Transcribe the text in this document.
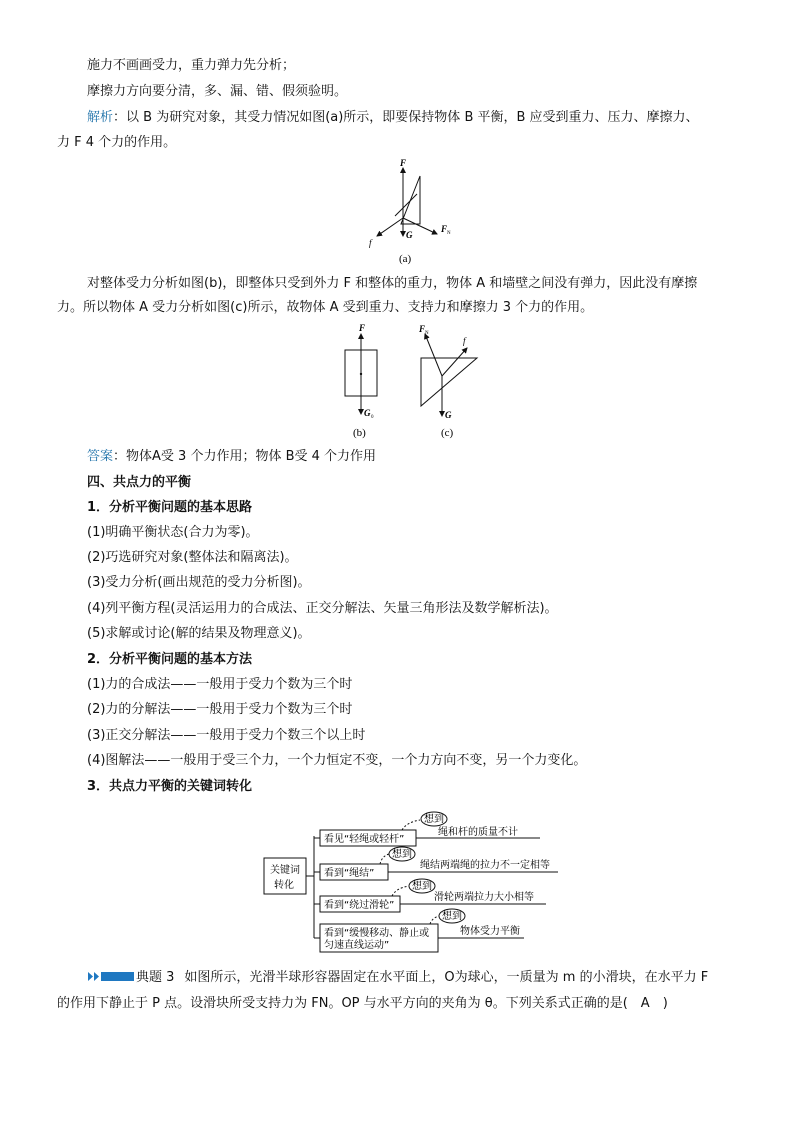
施力不画画受力，重力弹力先分析；
摩擦力方向要分清，多、漏、错、假须验明。
解析：以 B 为研究对象，其受力情况如图(a)所示，即要保持物体 B 平衡，B 应受到重力、压力、摩擦力、
力 F 4 个力的作用。
F
G
F N
f
(a)
对整体受力分析如图(b)，即整体只受到外力 F 和整体的重力，物体 A 和墙壁之间没有弹力，因此没有摩擦
力。所以物体 A 受力分析如图(c)所示，故物体 A 受到重力、支持力和摩擦力 3 个力的作用。
F
G 0
(b)
F N
f
G
(c)
答案：物体A受 3 个力作用；物体 B受 4 个力作用
四、共点力的平衡
1．分析平衡问题的基本思路
(1)明确平衡状态(合力为零)。
(2)巧选研究对象(整体法和隔离法)。
(3)受力分析(画出规范的受力分析图)。
(4)列平衡方程(灵活运用力的合成法、正交分解法、矢量三角形法及数学解析法)。
(5)求解或讨论(解的结果及物理意义)。
2．分析平衡问题的基本方法
(1)力的合成法——一般用于受力个数为三个时
(2)力的分解法——一般用于受力个数为三个时
(3)正交分解法——一般用于受力个数三个以上时
(4)图解法——一般用于受三个力，一个力恒定不变，一个力方向不变，另一个力变化。
3．共点力平衡的关键词转化
关键词
转化
看见“轻绳或轻杆”
想到
绳和杆的质量不计
看到“绳结”
想到
绳结两端绳的拉力不一定相等
看到“绕过滑轮”
想到
滑轮两端拉力大小相等
看到“缓慢移动、静止或
匀速直线运动”
想到
物体受力平衡
典题 3 如图所示，光滑半球形容器固定在水平面上，O为球心，一质量为 m 的小滑块，在水平力 F
的作用下静止于 P 点。设滑块所受支持力为 FN。OP 与水平方向的夹角为 θ。下列关系式正确的是(　A　)
